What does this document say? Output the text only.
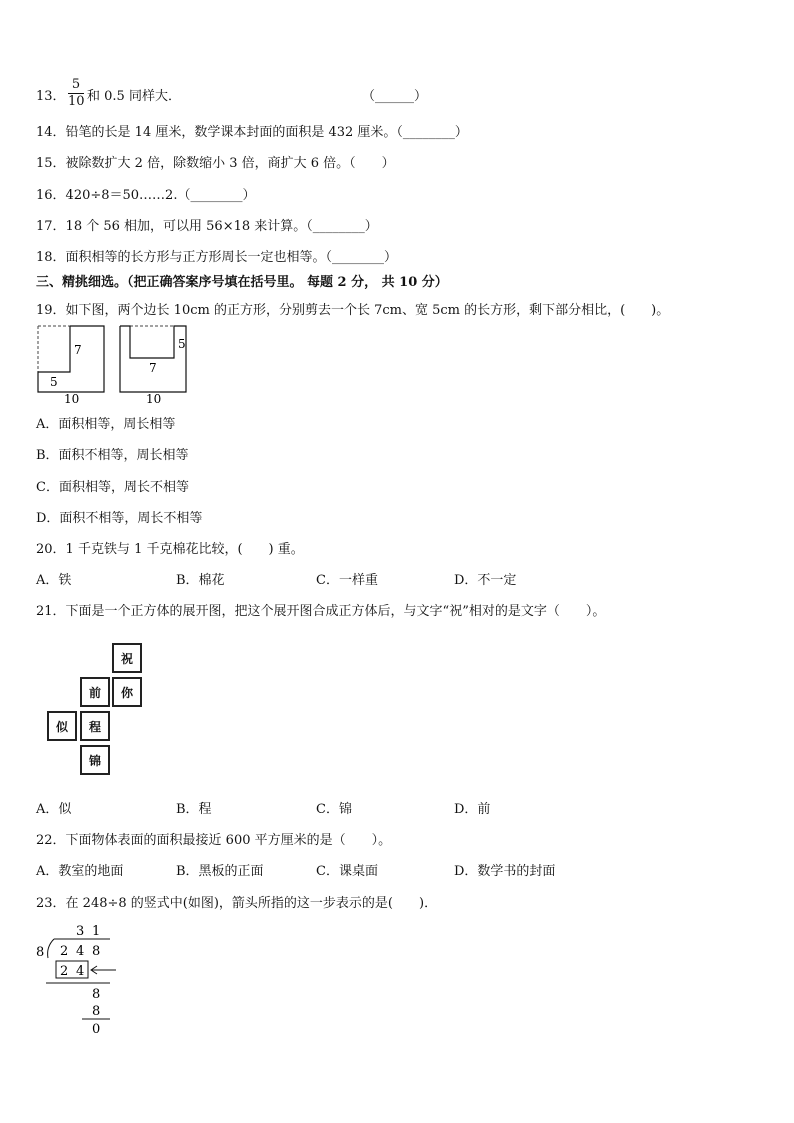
13．
5
10 和 0.5 同样大．	（______）
14．铅笔的长是 14 厘米，数学课本封面的面积是 432 厘米。（________）
15．被除数扩大 2 倍，除数缩小 3 倍，商扩大 6 倍。（　　）
16．420÷8＝50……2.（________）
17．18 个 56 相加，可以用 56×18 来计算。（________）
18．面积相等的长方形与正方形周长一定也相等。（________）
三、精挑细选。（把正确答案序号填在括号里。 每题 2 分， 共 10 分）
19．如下图，两个边长 10cm 的正方形，分别剪去一个长 7cm、宽 5cm 的长方形，剩下部分相比，(　　)。
7
5
10
5
7
10
A．面积相等，周长相等
B．面积不相等，周长相等
C．面积相等，周长不相等
D．面积不相等，周长不相等
20．1 千克铁与 1 千克棉花比较，(　　) 重。
A．铁	B．棉花	C．一样重	D．不一定
21．下面是一个正方体的展开图，把这个展开图合成正方体后，与文字“祝”相对的是文字（　　）。
祝
你
前
程
似
锦
A．似	B．程	C．锦	D．前
22．下面物体表面的面积最接近 600 平方厘米的是（　　）。
A．教室的地面	B．黑板的正面	C．课桌面	D．数学书的封面
23．在 248÷8 的竖式中(如图)，箭头所指的这一步表示的是(　　)．
3 1
8 2 4 8
2 4
8
8
0
